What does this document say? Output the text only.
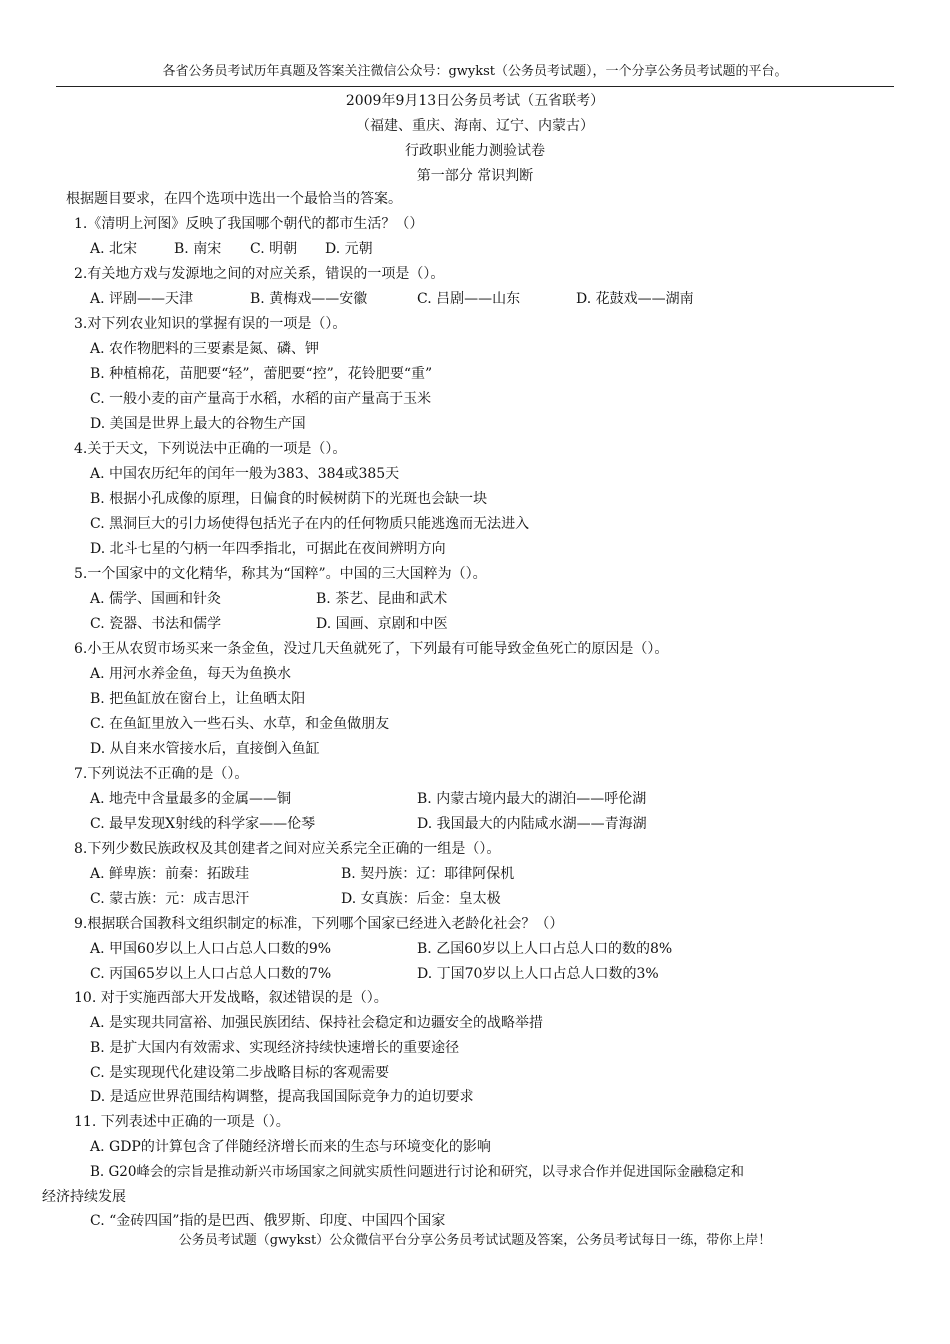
各省公务员考试历年真题及答案关注微信公众号：gwykst（公务员考试题），一个分享公务员考试题的平台。
2009年9月13日公务员考试（五省联考）
（福建、重庆、海南、辽宁、内蒙古）
行政职业能力测验试卷
第一部分 常识判断
根据题目要求，在四个选项中选出一个最恰当的答案。
1.《清明上河图》反映了我国哪个朝代的都市生活？（）
A. 北宋	B. 南宋 C. 明朝 D. 元朝
2.有关地方戏与发源地之间的对应关系，错误的一项是（）。
A. 评剧——天津	B. 黄梅戏——安徽	C. 吕剧——山东	D. 花鼓戏——湖南
3.对下列农业知识的掌握有误的一项是（）。
A. 农作物肥料的三要素是氮、磷、钾
B. 种植棉花，苗肥要“轻”，蕾肥要“控”，花铃肥要“重”
C. 一般小麦的亩产量高于水稻，水稻的亩产量高于玉米
D. 美国是世界上最大的谷物生产国
4.关于天文，下列说法中正确的一项是（）。
A. 中国农历纪年的闰年一般为383、384或385天
B. 根据小孔成像的原理，日偏食的时候树荫下的光斑也会缺一块
C. 黑洞巨大的引力场使得包括光子在内的任何物质只能逃逸而无法进入
D. 北斗七星的勺柄一年四季指北，可据此在夜间辨明方向
5.一个国家中的文化精华，称其为“国粹”。中国的三大国粹为（）。
A. 儒学、国画和针灸	B. 茶艺、昆曲和武术
C. 瓷器、书法和儒学	D. 国画、京剧和中医
6.小王从农贸市场买来一条金鱼，没过几天鱼就死了，下列最有可能导致金鱼死亡的原因是（）。
A. 用河水养金鱼，每天为鱼换水
B. 把鱼缸放在窗台上，让鱼晒太阳
C. 在鱼缸里放入一些石头、水草，和金鱼做朋友
D. 从自来水管接水后，直接倒入鱼缸
7.下列说法不正确的是（）。
A. 地壳中含量最多的金属——铜	B. 内蒙古境内最大的湖泊——呼伦湖
C. 最早发现X射线的科学家——伦琴	D. 我国最大的内陆咸水湖——青海湖
8.下列少数民族政权及其创建者之间对应关系完全正确的一组是（）。
A. 鲜卑族：前秦：拓跋珪	B. 契丹族：辽：耶律阿保机
C. 蒙古族：元：成吉思汗	D. 女真族：后金：皇太极
9.根据联合国教科文组织制定的标准，下列哪个国家已经进入老龄化社会？（）
A. 甲国60岁以上人口占总人口数的9%	B. 乙国60岁以上人口占总人口的数的8%
C. 丙国65岁以上人口占总人口数的7%	D. 丁国70岁以上人口占总人口数的3%
10. 对于实施西部大开发战略，叙述错误的是（）。
A. 是实现共同富裕、加强民族团结、保持社会稳定和边疆安全的战略举措
B. 是扩大国内有效需求、实现经济持续快速增长的重要途径
C. 是实现现代化建设第二步战略目标的客观需要
D. 是适应世界范围结构调整，提高我国国际竞争力的迫切要求
11. 下列表述中正确的一项是（）。
A. GDP的计算包含了伴随经济增长而来的生态与环境变化的影响
B. G20峰会的宗旨是推动新兴市场国家之间就实质性问题进行讨论和研究，以寻求合作并促进国际金融稳定和
经济持续发展
C. “金砖四国”指的是巴西、俄罗斯、印度、中国四个国家
公务员考试题（gwykst）公众微信平台分享公务员考试试题及答案，公务员考试每日一练，带你上岸！
